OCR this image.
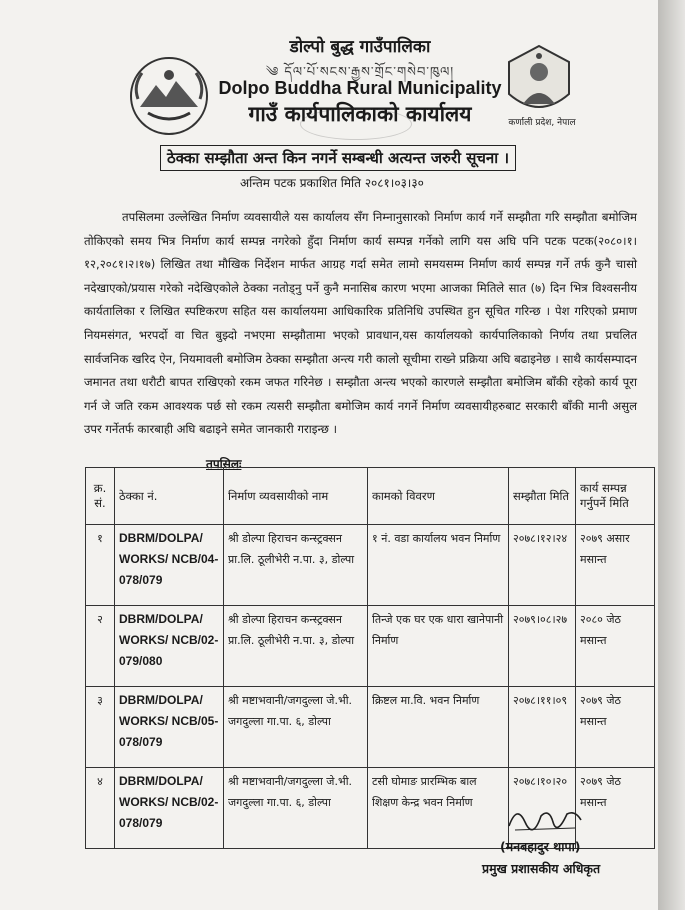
डोल्पो बुद्ध गाउँपालिका
༄ དོལ་པོ་སངས་རྒྱས་གྲོང་གསེབ་ཁུལ།
Dolpo Buddha Rural Municipality
गाउँ कार्यपालिकाको कार्यालय	कर्णाली प्रदेश, नेपाल
ठेक्का सम्झौता अन्त किन नगर्ने सम्बन्धी अत्यन्त जरुरी सूचना ।
अन्तिम पटक प्रकाशित मिति २०८१।०३।३०
तपसिलमा उल्लेखित निर्माण व्यवसायीले यस कार्यालय सँग निम्नानुसारको निर्माण कार्य गर्ने सम्झौता गरि सम्झौता बमोजिम तोकिएको समय भित्र निर्माण कार्य सम्पन्न नगरेको हुँदा निर्माण कार्य सम्पन्न गर्नेको लागि यस अघि पनि पटक पटक(२०८०।१।१२,२०८१।२।१७) लिखित तथा मौखिक निर्देशन मार्फत आग्रह गर्दा समेत लामो समयसम्म निर्माण कार्य सम्पन्न गर्ने तर्फ कुनै चासो नदेखाएको/प्रयास गरेको नदेखिएकोले ठेक्का नतोड्नु पर्ने कुनै मनासिब कारण भएमा आजका मितिले सात (७) दिन भित्र विश्वसनीय कार्यतालिका र लिखित स्पष्टिकरण सहित यस कार्यालयमा आधिकारिक प्रतिनिधि उपस्थित हुन सूचित गरिन्छ । पेश गरिएको प्रमाण नियमसंगत, भरपर्दो वा चित बुझ्दो नभएमा सम्झौतामा भएको प्रावधान,यस कार्यालयको कार्यपालिकाको निर्णय तथा प्रचलित सार्वजनिक खरिद ऐन, नियमावली बमोजिम ठेक्का सम्झौता अन्त्य गरी कालो सूचीमा राख्ने प्रक्रिया अघि बढाइनेछ । साथै कार्यसम्पादन जमानत तथा धरौटी बापत राखिएको रकम जफत गरिनेछ । सम्झौता अन्त्य भएको कारणले सम्झौता बमोजिम बाँकी रहेको कार्य पूरा गर्न जे जति रकम आवश्यक पर्छ सो रकम त्यसरी सम्झौता बमोजिम कार्य नगर्ने निर्माण व्यवसायीहरुबाट सरकारी बाँकी मानी असुल उपर गर्नेतर्फ कारबाही अघि बढाइने समेत जानकारी गराइन्छ ।
तपसिलः
क्र. सं.	ठेक्का नं.	निर्माण व्यवसायीको नाम	कामको विवरण	सम्झौता मिति	कार्य सम्पन्न गर्नुपर्ने मिति
१	DBRM/DOLPA/ WORKS/ NCB/04-078/079	श्री डोल्पा हिराचन कन्स्ट्रक्सन प्रा.लि. ठूलीभेरी न.पा. ३, डोल्पा	१ नं. वडा कार्यालय भवन निर्माण	२०७८।१२।२४	२०७९ असार मसान्त
२	DBRM/DOLPA/ WORKS/ NCB/02-079/080	श्री डोल्पा हिराचन कन्स्ट्रक्सन प्रा.लि. ठूलीभेरी न.पा. ३, डोल्पा	तिन्जे एक घर एक धारा खानेपानी निर्माण	२०७९।०८।२७	२०८० जेठ मसान्त
३	DBRM/DOLPA/ WORKS/ NCB/05-078/079	श्री मष्टाभवानी/जगदुल्ला जे.भी. जगदुल्ला गा.पा. ६, डोल्पा	क्रिष्टल मा.वि. भवन निर्माण	२०७८।११।०९	२०७९ जेठ मसान्त
४	DBRM/DOLPA/ WORKS/ NCB/02-078/079	श्री मष्टाभवानी/जगदुल्ला जे.भी. जगदुल्ला गा.पा. ६, डोल्पा	टसी घोमाङ प्रारम्भिक बाल शिक्षण केन्द्र भवन निर्माण	२०७८।१०।२०	२०७९ जेठ मसान्त
(मनबहादुर थापा)
प्रमुख प्रशासकीय अधिकृत
